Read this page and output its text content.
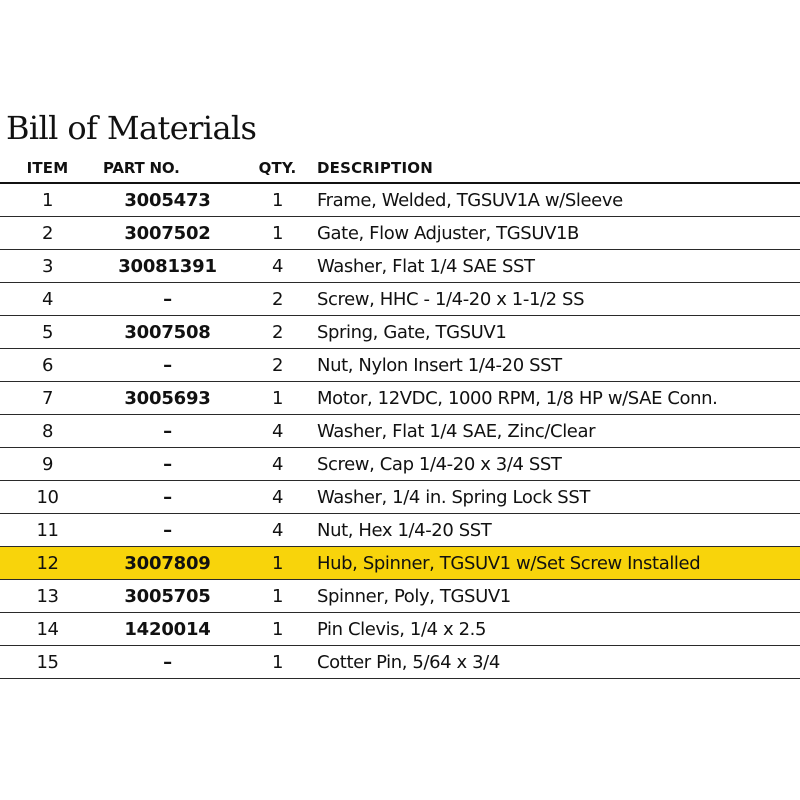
Bill of Materials
ITEM	PART NO.	QTY.	DESCRIPTION
1	3005473	1	Frame, Welded, TGSUV1A w/Sleeve
2	3007502	1	Gate, Flow Adjuster, TGSUV1B
3	30081391	4	Washer, Flat 1/4 SAE SST
4	–	2	Screw, HHC - 1/4-20 x 1-1/2 SS
5	3007508	2	Spring, Gate, TGSUV1
6	–	2	Nut, Nylon Insert 1/4-20 SST
7	3005693	1	Motor, 12VDC, 1000 RPM, 1/8 HP w/SAE Conn.
8	–	4	Washer, Flat 1/4 SAE, Zinc/Clear
9	–	4	Screw, Cap 1/4-20 x 3/4 SST
10	–	4	Washer, 1/4 in. Spring Lock SST
11	–	4	Nut, Hex 1/4-20 SST
12	3007809	1	Hub, Spinner, TGSUV1 w/Set Screw Installed
13	3005705	1	Spinner, Poly, TGSUV1
14	1420014	1	Pin Clevis, 1/4 x 2.5
15	–	1	Cotter Pin, 5/64 x 3/4
